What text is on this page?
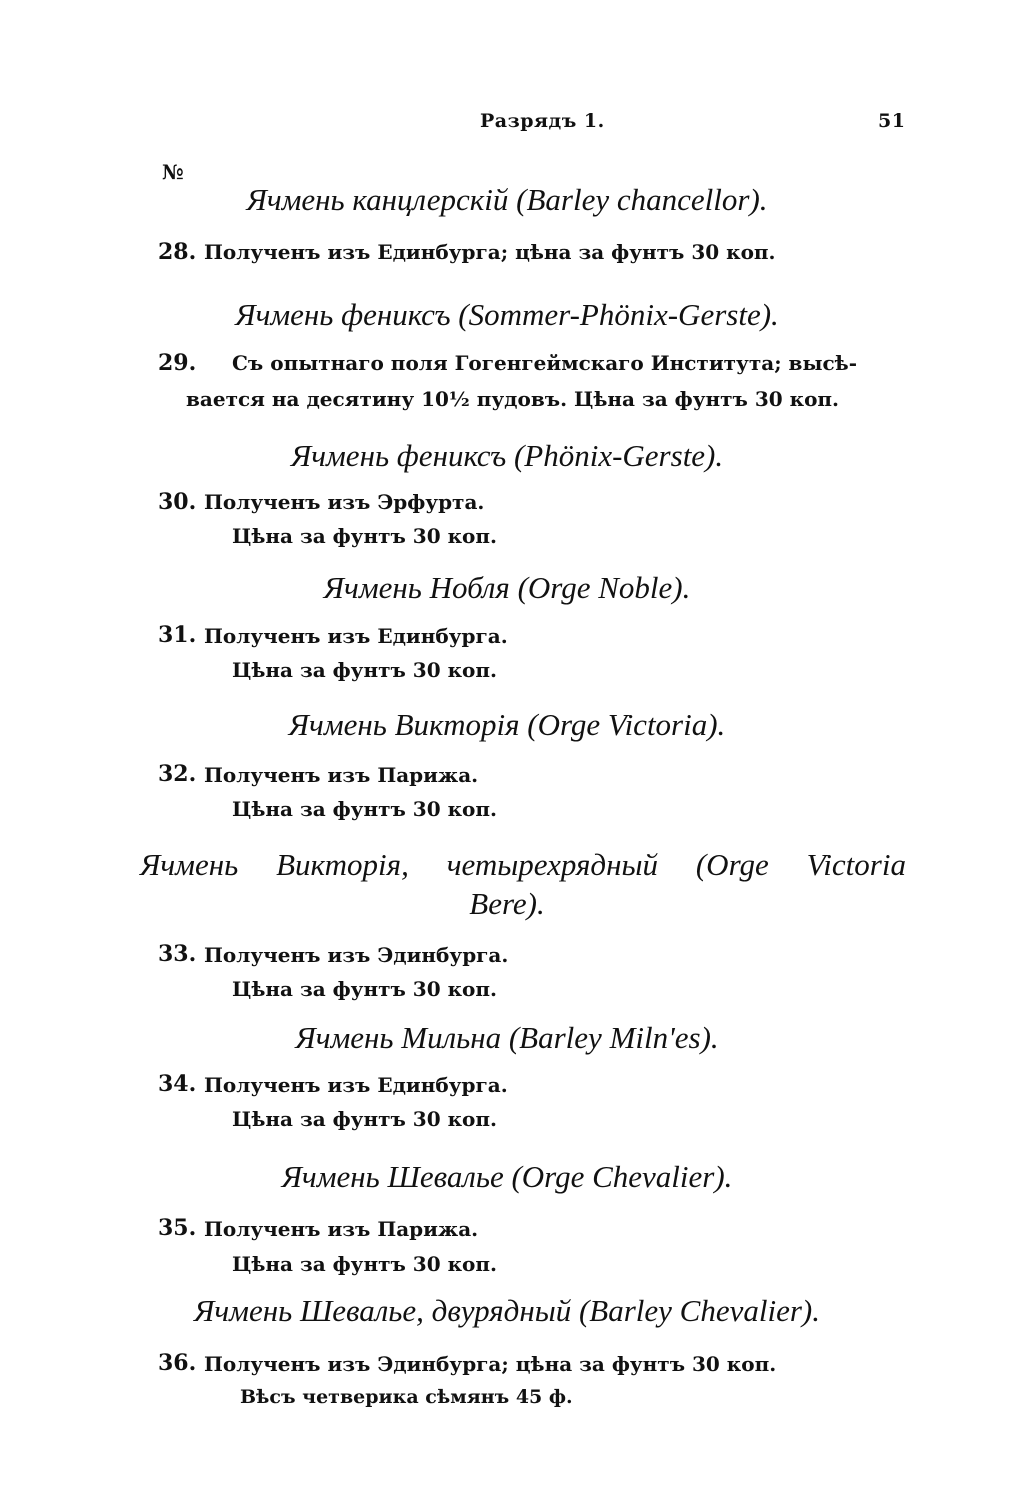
Разрядъ 1.	51
№
Ячмень канцлерскій (Barley chancellor).
28. Полученъ изъ Единбурга; цѣна за фунтъ 30 коп.
Ячмень фениксъ (Sommer-Phönix-Gerste).
29. Съ опытнаго поля Гогенгеймскаго Института; высѣ-
вается на десятину 10½ пудовъ. Цѣна за фунтъ 30 коп.
Ячмень фениксъ (Phönix-Gerste).
30. Полученъ изъ Эрфурта.
Цѣна за фунтъ 30 коп.
Ячмень Нобля (Orge Noble).
31. Полученъ изъ Единбурга.
Цѣна за фунтъ 30 коп.
Ячмень Викторія (Orge Victoria).
32. Полученъ изъ Парижа.
Цѣна за фунтъ 30 коп.
Ячмень Викторія, четырехрядный (Orge Victoria
Bere).
33. Полученъ изъ Эдинбурга.
Цѣна за фунтъ 30 коп.
Ячмень Мильна (Barley Miln'es).
34. Полученъ изъ Единбурга.
Цѣна за фунтъ 30 коп.
Ячмень Шевалье (Orge Chevalier).
35. Полученъ изъ Парижа.
Цѣна за фунтъ 30 коп.
Ячмень Шевалье, двурядный (Barley Chevalier).
36. Полученъ изъ Эдинбурга; цѣна за фунтъ 30 коп.
Вѣсъ четверика сѣмянъ 45 ф.
